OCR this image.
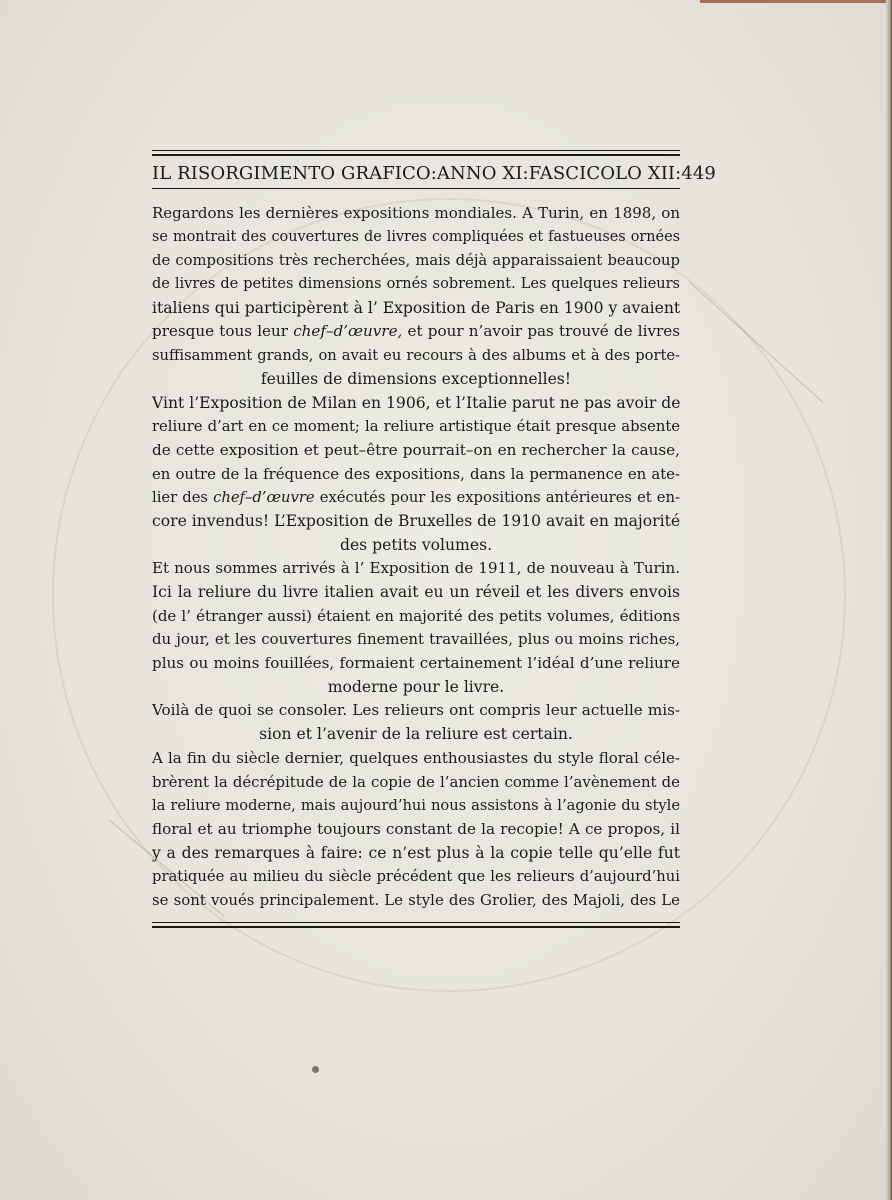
IL RISORGIMENTO GRAFICO : ANNO XI : FASCICOLO XII : 449
Regardons les dernières expositions mondiales. A Turin, en 1898, on
se montrait des couvertures de livres compliquées et fastueuses ornées
de compositions très recherchées, mais déjà apparaissaient beaucoup
de livres de petites dimensions ornés sobrement. Les quelques relieurs
italiens qui participèrent à l’ Exposition de Paris en 1900 y avaient
presque tous leur chef–d’œuvre, et pour n’avoir pas trouvé de livres
suffisamment grands, on avait eu recours à des albums et à des porte-
feuilles de dimensions exceptionnelles!
Vint l’Exposition de Milan en 1906, et l’Italie parut ne pas avoir de
reliure d’art en ce moment; la reliure artistique était presque absente
de cette exposition et peut–être pourrait–on en rechercher la cause,
en outre de la fréquence des expositions, dans la permanence en ate-
lier des chef–d’œuvre exécutés pour les expositions antérieures et en-
core invendus! L’Exposition de Bruxelles de 1910 avait en majorité
des petits volumes.
Et nous sommes arrivés à l’ Exposition de 1911, de nouveau à Turin.
Ici la reliure du livre italien avait eu un réveil et les divers envois
(de l’ étranger aussi) étaient en majorité des petits volumes, éditions
du jour, et les couvertures finement travaillées, plus ou moins riches,
plus ou moins fouillées, formaient certainement l’idéal d’une reliure
moderne pour le livre.
Voilà de quoi se consoler. Les relieurs ont compris leur actuelle mis-
sion et l’avenir de la reliure est certain.
A la fin du siècle dernier, quelques enthousiastes du style floral céle-
brèrent la décrépitude de la copie de l’ancien comme l’avènement de
la reliure moderne, mais aujourd’hui nous assistons à l’agonie du style
floral et au triomphe toujours constant de la recopie! A ce propos, il
y a des remarques à faire: ce n’est plus à la copie telle qu’elle fut
pratiquée au milieu du siècle précédent que les relieurs d’aujourd’hui
se sont voués principalement. Le style des Grolier, des Majoli, des Le
